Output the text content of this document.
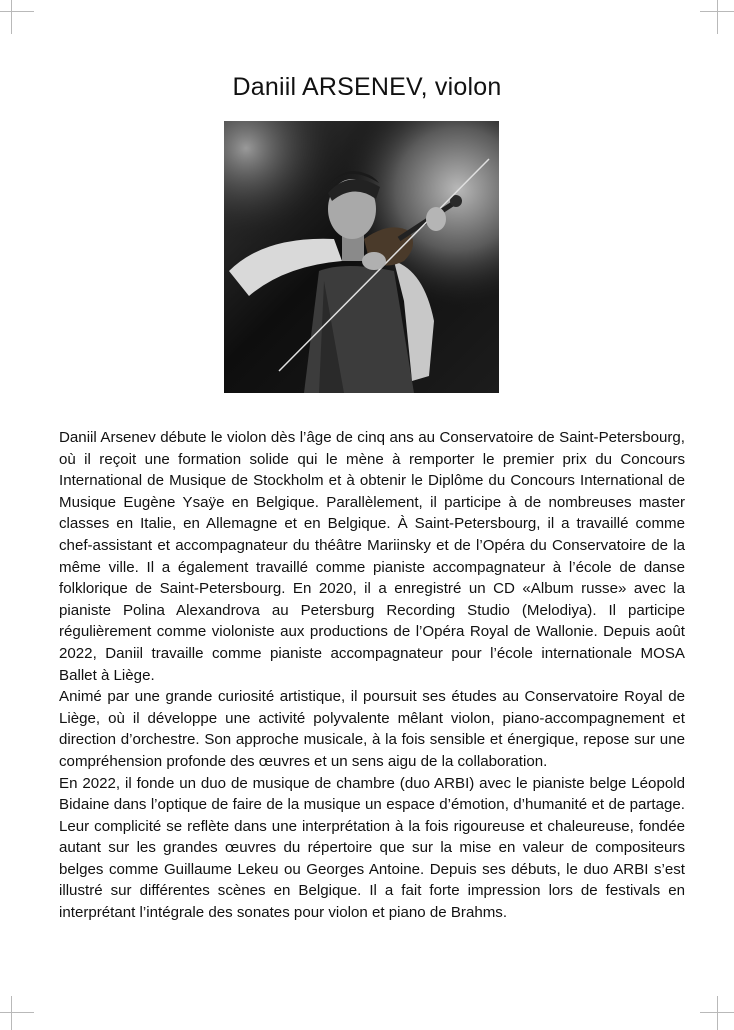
Daniil ARSENEV, violon

Daniil Arsenev débute le violon dès l’âge de cinq ans au Conservatoire de Saint-Petersbourg, où il reçoit une formation solide qui le mène à remporter le premier prix du Concours International de Musique de Stockholm et à obtenir le Diplôme du Concours International de Musique Eugène Ysaÿe en Belgique. Parallèlement, il participe à de nombreuses master classes en Italie, en Allemagne et en Belgique. À Saint-Petersbourg, il a travaillé comme chef-assistant et accompagnateur du théâtre Mariinsky et de l’Opéra du Conservatoire de la même ville. Il a également travaillé comme pianiste accompagnateur à l’école de danse folklorique de Saint-Petersbourg. En 2020, il a enregistré un CD «Album russe» avec la pianiste Polina Alexandrova au Petersburg Recording Studio (Melodiya). Il participe régulièrement comme violoniste aux productions de l’Opéra Royal de Wallonie. Depuis août 2022, Daniil travaille comme pianiste accompagnateur pour l’école internationale MOSA Ballet à Liège.

Animé par une grande curiosité artistique, il poursuit ses études au Conservatoire Royal de Liège, où il développe une activité polyvalente mêlant violon, piano-accompagnement et direction d’orchestre. Son approche musicale, à la fois sensible et énergique, repose sur une compréhension profonde des œuvres et un sens aigu de la collaboration.

En 2022, il fonde un duo de musique de chambre (duo ARBI) avec le pianiste belge Léopold Bidaine dans l’optique de faire de la musique un espace d’émotion, d’humanité et de partage. Leur complicité se reflète dans une interprétation à la fois rigoureuse et chaleureuse, fondée autant sur les grandes œuvres du répertoire que sur la mise en valeur de compositeurs belges comme Guillaume Lekeu ou Georges Antoine. Depuis ses débuts, le duo ARBI s’est illustré sur différentes scènes en Belgique. Il a fait forte impression lors de festivals en interprétant l’intégrale des sonates pour violon et piano de Brahms.
